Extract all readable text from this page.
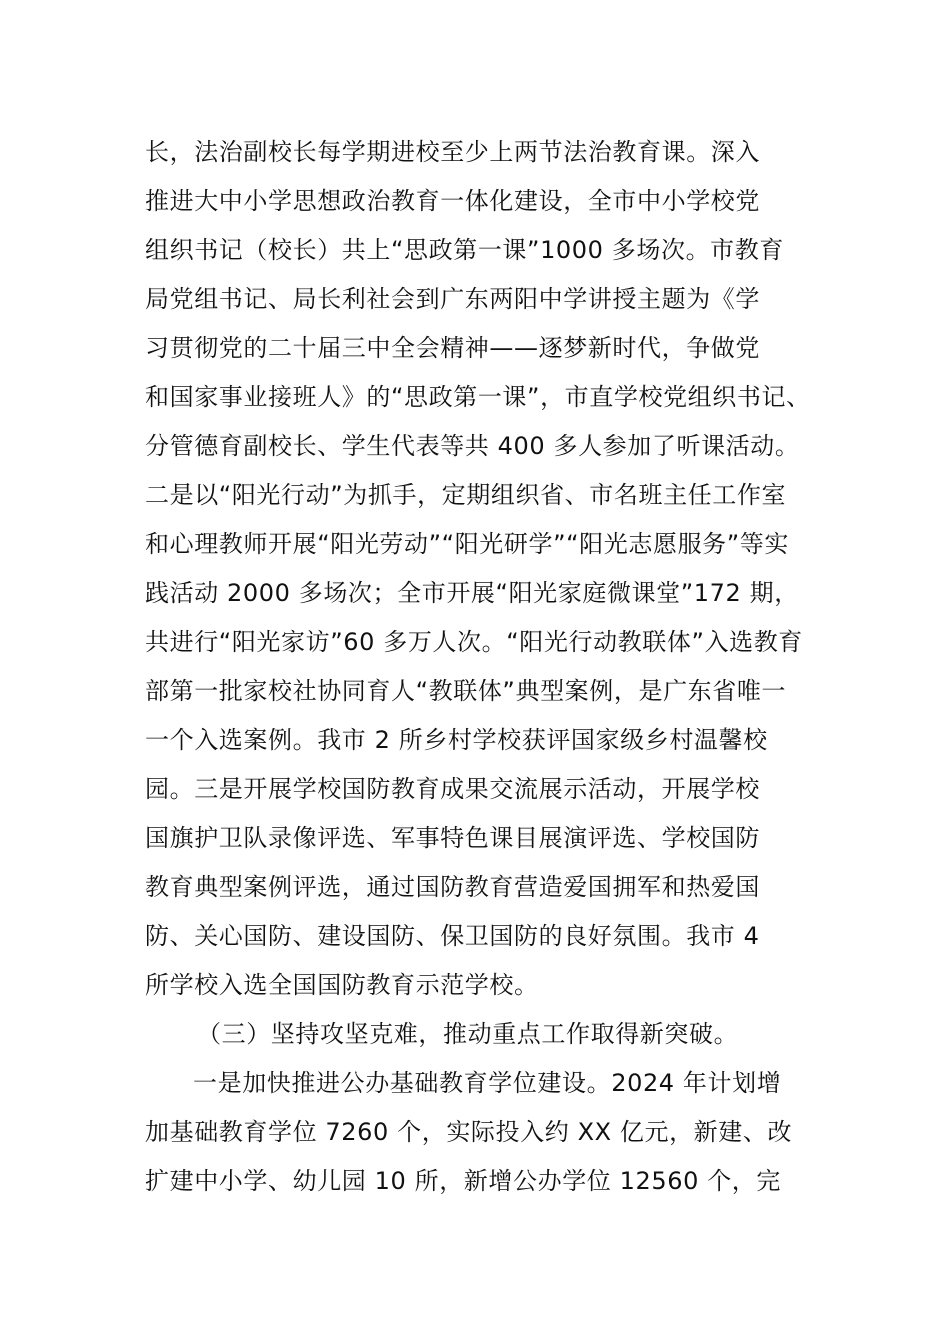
长，法治副校长每学期进校至少上两节法治教育课。深入
推进大中小学思想政治教育一体化建设，全市中小学校党
组织书记（校长）共上“思政第一课”1000 多场次。市教育
局党组书记、局长利社会到广东两阳中学讲授主题为《学
习贯彻党的二十届三中全会精神——逐梦新时代，争做党
和国家事业接班人》的“思政第一课”，市直学校党组织书记、
分管德育副校长、学生代表等共 400 多人参加了听课活动。
二是以“阳光行动”为抓手，定期组织省、市名班主任工作室
和心理教师开展“阳光劳动”“阳光研学”“阳光志愿服务”等实
践活动 2000 多场次；全市开展“阳光家庭微课堂”172 期，
共进行“阳光家访”60 多万人次。“阳光行动教联体”入选教育
部第一批家校社协同育人“教联体”典型案例，是广东省唯一
一个入选案例。我市 2 所乡村学校获评国家级乡村温馨校
园。三是开展学校国防教育成果交流展示活动，开展学校
国旗护卫队录像评选、军事特色课目展演评选、学校国防
教育典型案例评选，通过国防教育营造爱国拥军和热爱国
防、关心国防、建设国防、保卫国防的良好氛围。我市 4
所学校入选全国国防教育示范学校。
（三）坚持攻坚克难，推动重点工作取得新突破。
一是加快推进公办基础教育学位建设。2024 年计划增
加基础教育学位 7260 个，实际投入约 XX 亿元，新建、改
扩建中小学、幼儿园 10 所，新增公办学位 12560 个，完
